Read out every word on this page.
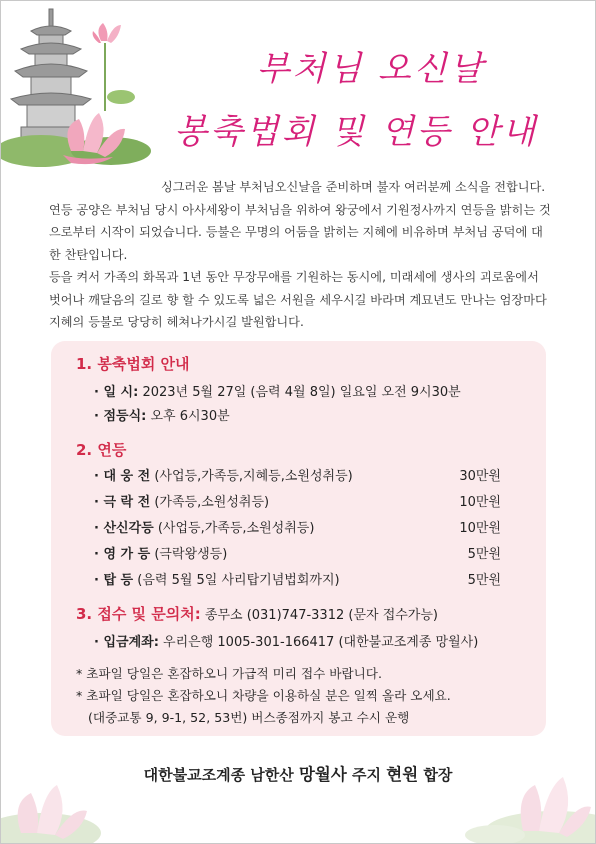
부처님 오신날
봉축법회 및 연등 안내

싱그러운 봄날 부처님오신날을 준비하며 불자 여러분께 소식을 전합니다. 연등 공양은 부처님 당시 아사세왕이 부처님을 위하여 왕궁에서 기원정사까지 연등을 밝히는 것으로부터 시작이 되었습니다. 등불은 무명의 어둠을 밝히는 지혜에 비유하며 부처님 공덕에 대한 찬탄입니다.

등을 켜서 가족의 화목과 1년 동안 무장무애를 기원하는 동시에, 미래세에 생사의 괴로움에서 벗어나 깨달음의 길로 향 할 수 있도록 넓은 서원을 세우시길 바라며 계묘년도 만나는 엄장마다 지혜의 등불로 당당히 헤쳐나가시길 발원합니다.

1. 봉축법회 안내
· 일 시: 2023년 5월 27일 (음력 4월 8일) 일요일 오전 9시30분
· 점등식: 오후 6시30분
2. 연등
· 대 웅 전 (사업등,가족등,지혜등,소원성취등)	30만원
· 극 락 전 (가족등,소원성취등)	10만원
· 산신각등 (사업등,가족등,소원성취등)	10만원
· 영 가 등 (극락왕생등)	5만원
· 탑 등 (음력 5월 5일 사리탑기념법회까지)	5만원
3. 접수 및 문의처: 종무소 (031)747-3312 (문자 접수가능)
· 입금계좌: 우리은행 1005-301-166417 (대한불교조계종 망월사)
* 초파일 당일은 혼잡하오니 가급적 미리 접수 바랍니다.
* 초파일 당일은 혼잡하오니 차량을 이용하실 분은 일찍 올라 오세요.
(대중교통 9, 9-1, 52, 53번) 버스종점까지 봉고 수시 운행
대한불교조계종 남한산 망월사 주지 현원 합장
